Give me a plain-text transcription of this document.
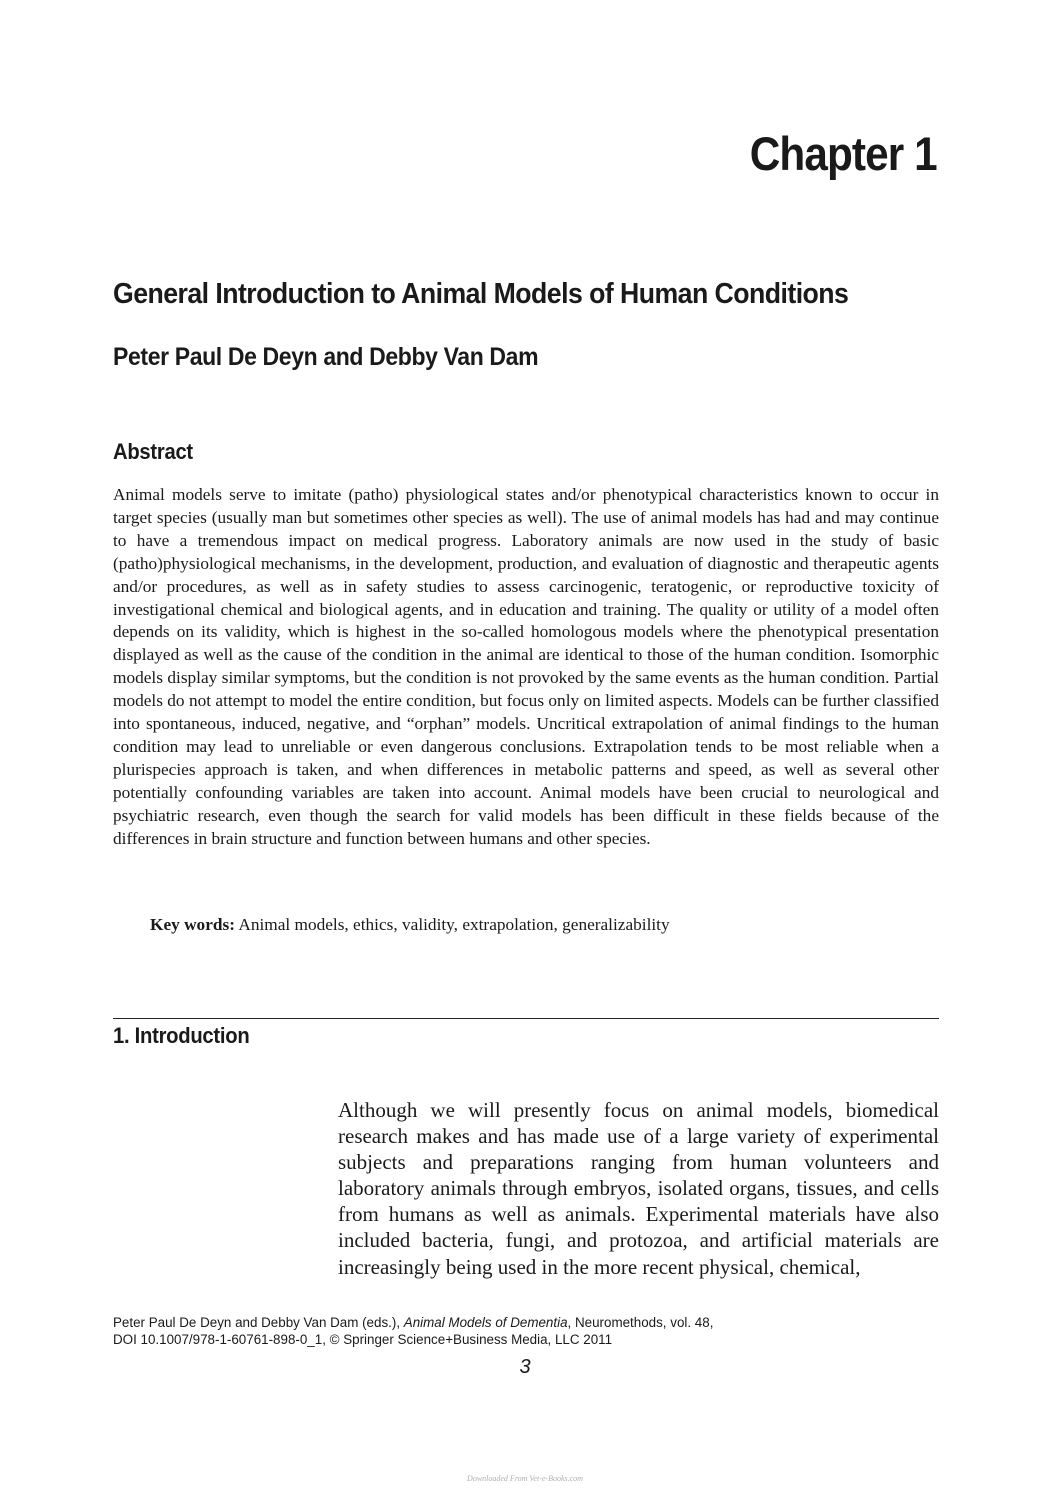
Chapter 1
General Introduction to Animal Models of Human Conditions

Peter Paul De Deyn and Debby Van Dam

Abstract

Animal models serve to imitate (patho) physiological states and/or phenotypical characteristics known to occur in target species (usually man but sometimes other species as well). The use of animal models has had and may continue to have a tremendous impact on medical progress. Laboratory animals are now used in the study of basic (patho)physiological mechanisms, in the development, production, and evaluation of diagnostic and therapeutic agents and/or procedures, as well as in safety studies to assess carcinogenic, teratogenic, or reproductive toxicity of investigational chemical and biological agents, and in education and training. The quality or utility of a model often depends on its validity, which is highest in the so-called homologous models where the phenotypical presentation displayed as well as the cause of the condition in the animal are identical to those of the human condition. Isomorphic models display similar symptoms, but the condition is not provoked by the same events as the human condition. Partial models do not attempt to model the entire condition, but focus only on limited aspects. Models can be further classified into spontaneous, induced, negative, and “orphan” models. Uncritical extrapolation of animal findings to the human condition may lead to unreliable or even dangerous conclusions. Extrapolation tends to be most reliable when a plurispecies approach is taken, and when differences in metabolic patterns and speed, as well as several other potentially confounding variables are taken into account. Animal models have been crucial to neurological and psychiatric research, even though the search for valid models has been difficult in these fields because of the differences in brain structure and function between humans and other species.

Key words: Animal models, ethics, validity, extrapolation, generalizability

1. Introduction

Although we will presently focus on animal models, biomedical research makes and has made use of a large variety of experimental subjects and preparations ranging from human volunteers and laboratory animals through embryos, isolated organs, tissues, and cells from humans as well as animals. Experimental materials have also included bacteria, fungi, and protozoa, and artificial materials are increasingly being used in the more recent physical, chemical,

Peter Paul De Deyn and Debby Van Dam (eds.), Animal Models of Dementia, Neuromethods, vol. 48,
DOI 10.1007/978-1-60761-898-0_1, © Springer Science+Business Media, LLC 2011

3

Downloaded From Vet-e-Books.com
